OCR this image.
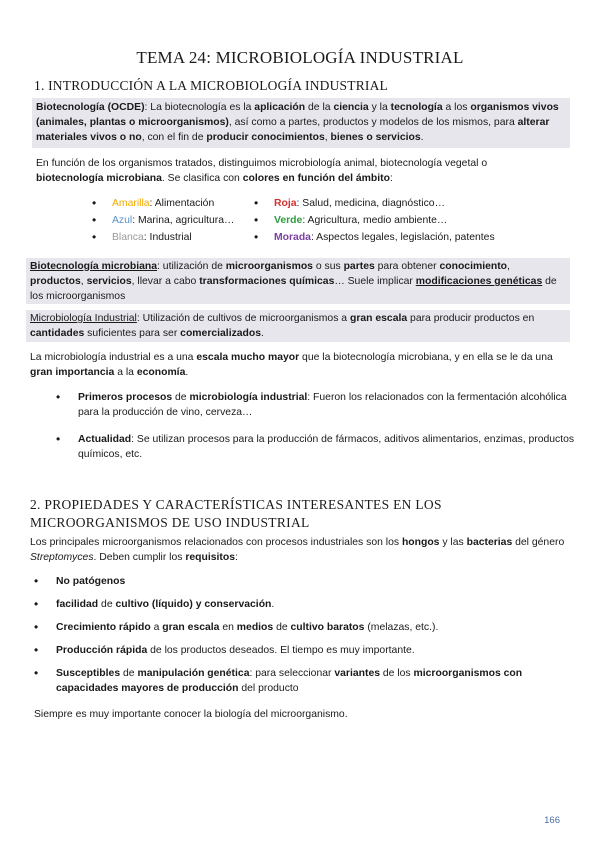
TEMA 24: MICROBIOLOGÍA INDUSTRIAL
1. INTRODUCCIÓN A LA MICROBIOLOGÍA INDUSTRIAL
Biotecnología (OCDE): La biotecnología es la aplicación de la ciencia y la tecnología a los organismos vivos (animales, plantas o microorganismos), así como a partes, productos y modelos de los mismos, para alterar materiales vivos o no, con el fin de producir conocimientos, bienes o servicios.
En función de los organismos tratados, distinguimos microbiología animal, biotecnología vegetal o biotecnología microbiana. Se clasifica con colores en función del ámbito:
• Amarilla: Alimentación
• Azul: Marina, agricultura…
• Blanca: Industrial
• Roja: Salud, medicina, diagnóstico…
• Verde: Agricultura, medio ambiente…
• Morada: Aspectos legales, legislación, patentes
Biotecnología microbiana: utilización de microorganismos o sus partes para obtener conocimiento, productos, servicios, llevar a cabo transformaciones químicas… Suele implicar modificaciones genéticas de los microorganismos
Microbiología Industrial: Utilización de cultivos de microorganismos a gran escala para producir productos en cantidades suficientes para ser comercializados.
La microbiología industrial es a una escala mucho mayor que la biotecnología microbiana, y en ella se le da una gran importancia a la economía.
• Primeros procesos de microbiología industrial: Fueron los relacionados con la fermentación alcohólica para la producción de vino, cerveza…
• Actualidad: Se utilizan procesos para la producción de fármacos, aditivos alimentarios, enzimas, productos químicos, etc.
2. PROPIEDADES Y CARACTERÍSTICAS INTERESANTES EN LOS MICROORGANISMOS DE USO INDUSTRIAL
Los principales microorganismos relacionados con procesos industriales son los hongos y las bacterias del género Streptomyces. Deben cumplir los requisitos:
• No patógenos
• facilidad de cultivo (líquido) y conservación.
• Crecimiento rápido a gran escala en medios de cultivo baratos (melazas, etc.).
• Producción rápida de los productos deseados. El tiempo es muy importante.
• Susceptibles de manipulación genética: para seleccionar variantes de los microorganismos con capacidades mayores de producción del producto
Siempre es muy importante conocer la biología del microorganismo.
166
